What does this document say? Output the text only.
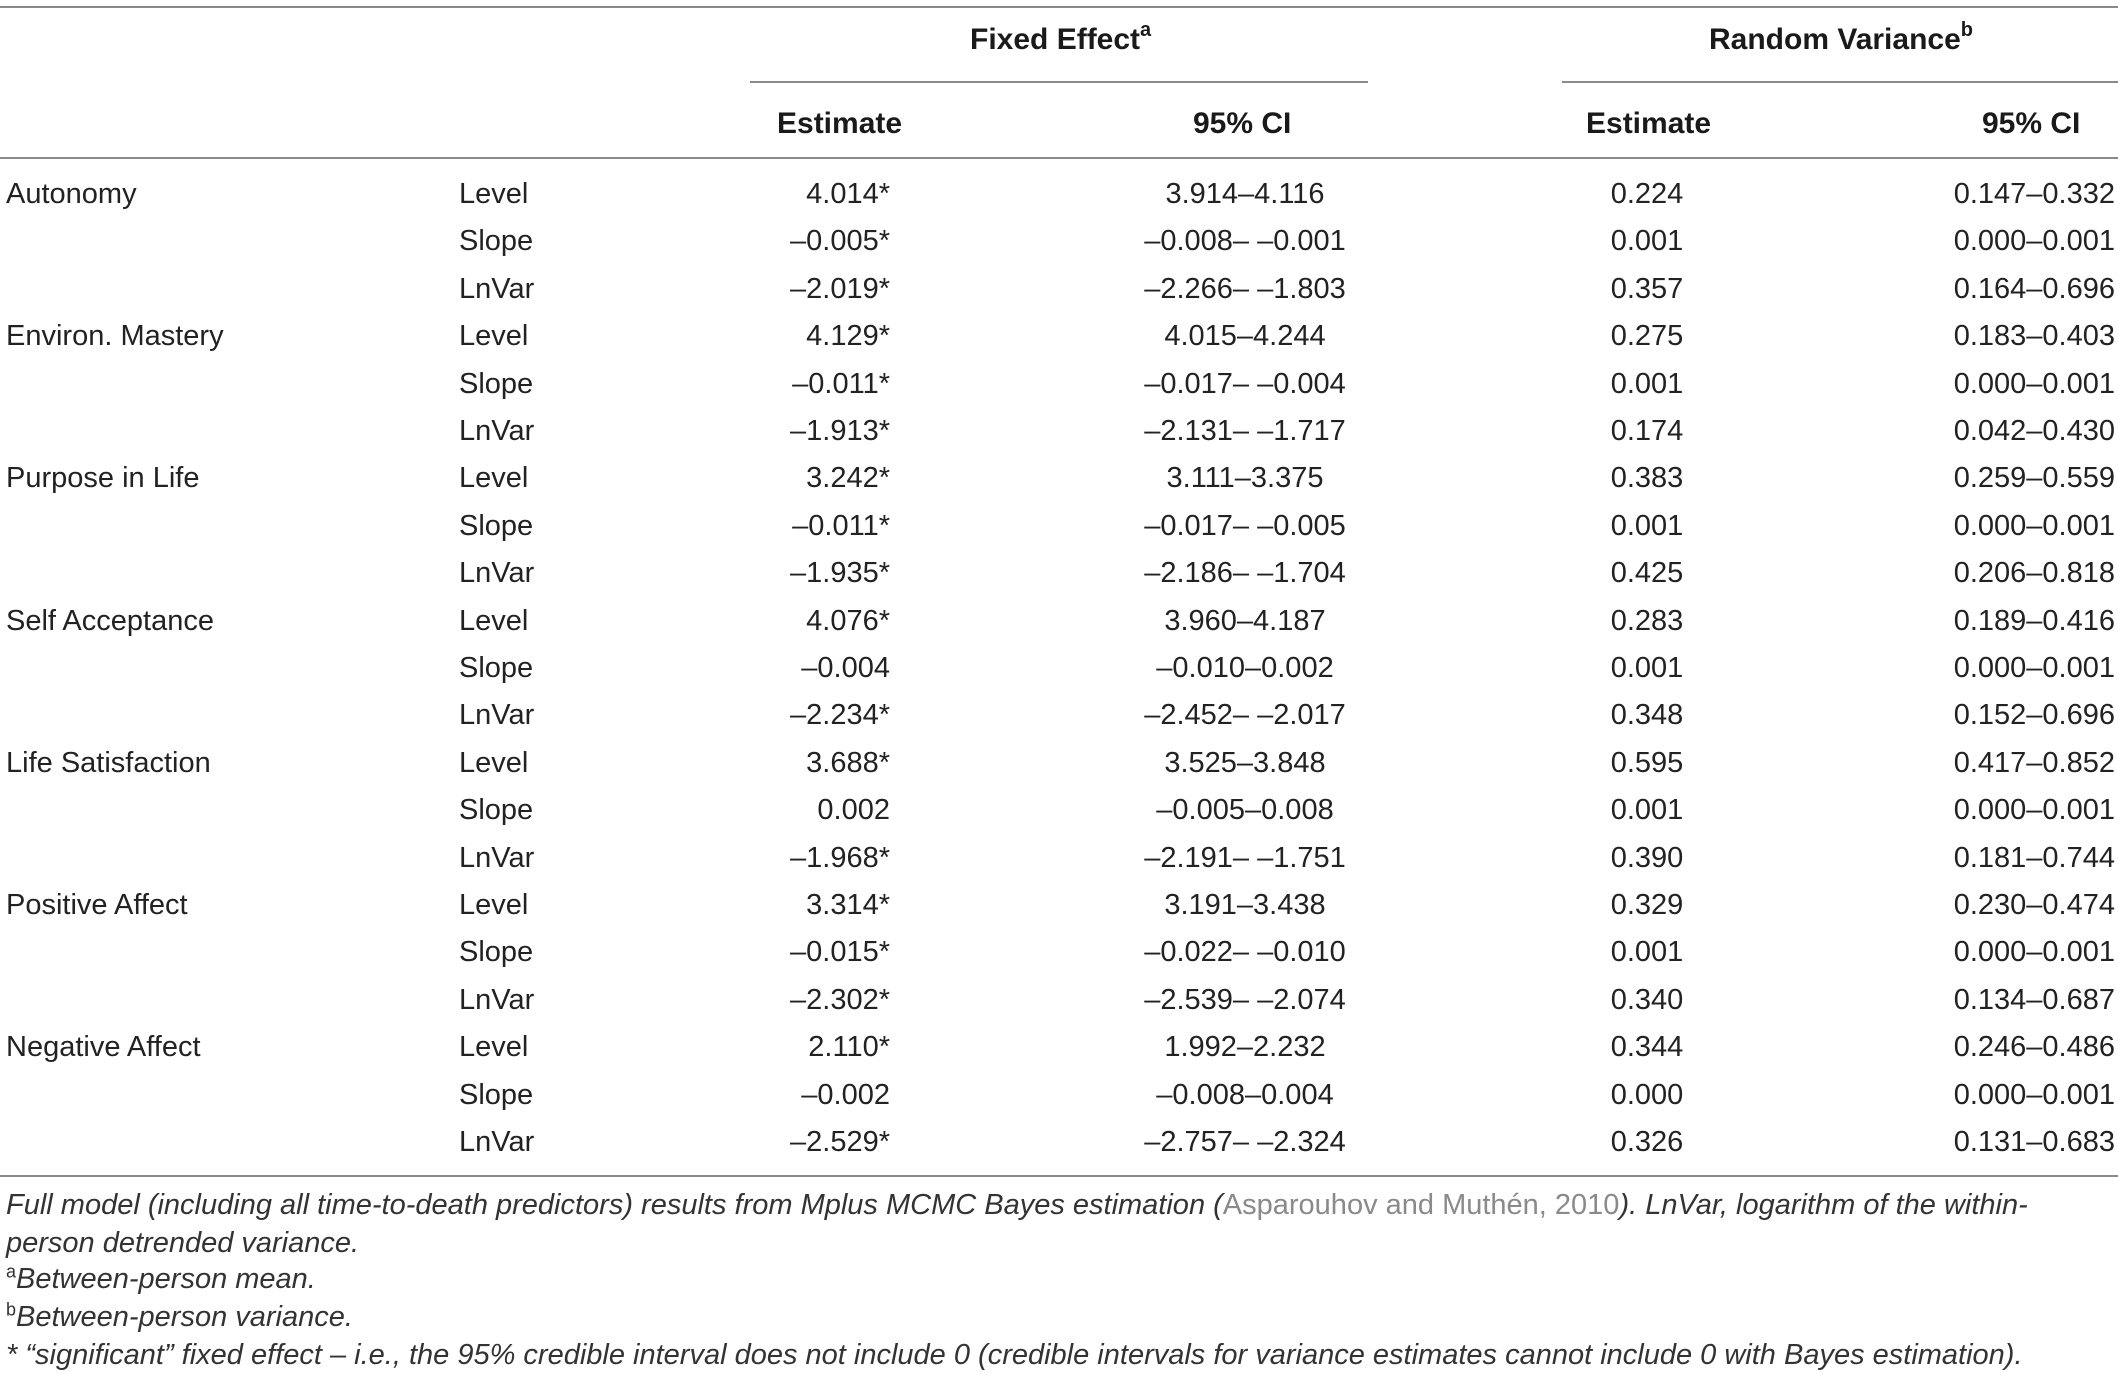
Fixed Effect$^a$	Random Variance$^b$
Estimate	95% CI	Estimate	95% CI
Autonomy	Level	4.014*	3.914–4.116	0.224	0.147–0.332
Slope	–0.005*	–0.008– –0.001	0.001	0.000–0.001
LnVar	–2.019*	–2.266– –1.803	0.357	0.164–0.696
Environ. Mastery	Level	4.129*	4.015–4.244	0.275	0.183–0.403
Slope	–0.011*	–0.017– –0.004	0.001	0.000–0.001
LnVar	–1.913*	–2.131– –1.717	0.174	0.042–0.430
Purpose in Life	Level	3.242*	3.111–3.375	0.383	0.259–0.559
Slope	–0.011*	–0.017– –0.005	0.001	0.000–0.001
LnVar	–1.935*	–2.186– –1.704	0.425	0.206–0.818
Self Acceptance	Level	4.076*	3.960–4.187	0.283	0.189–0.416
Slope	–0.004	–0.010–0.002	0.001	0.000–0.001
LnVar	–2.234*	–2.452– –2.017	0.348	0.152–0.696
Life Satisfaction	Level	3.688*	3.525–3.848	0.595	0.417–0.852
Slope	0.002	–0.005–0.008	0.001	0.000–0.001
LnVar	–1.968*	–2.191– –1.751	0.390	0.181–0.744
Positive Affect	Level	3.314*	3.191–3.438	0.329	0.230–0.474
Slope	–0.015*	–0.022– –0.010	0.001	0.000–0.001
LnVar	–2.302*	–2.539– –2.074	0.340	0.134–0.687
Negative Affect	Level	2.110*	1.992–2.232	0.344	0.246–0.486
Slope	–0.002	–0.008–0.004	0.000	0.000–0.001
LnVar	–2.529*	–2.757– –2.324	0.326	0.131–0.683
Full model (including all time-to-death predictors) results from Mplus MCMC Bayes estimation (Asparouhov and Muthén, 2010). LnVar, logarithm of the within-person detrended variance.
$^a$Between-person mean.
$^b$Between-person variance.
* “significant” fixed effect – i.e., the 95% credible interval does not include 0 (credible intervals for variance estimates cannot include 0 with Bayes estimation).
